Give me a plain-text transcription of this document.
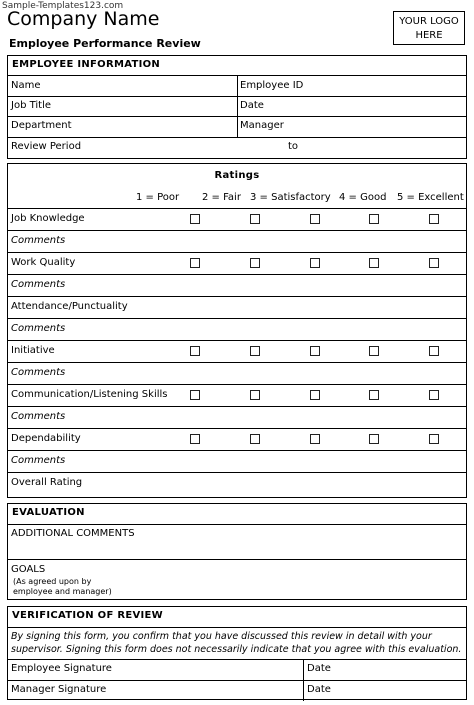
Sample-Templates123.com
Company Name
Employee Performance Review
YOUR LOGO
HERE
EMPLOYEE INFORMATION
Name	Employee ID
Job Title	Date
Department	Manager
Review Period	to
Ratings
1 = Poor 2 = Fair 3 = Satisfactory 4 = Good 5 = Excellent
Job Knowledge
Comments
Work Quality
Comments
Attendance/Punctuality
Comments
Initiative
Comments
Communication/Listening Skills
Comments
Dependability
Comments
Overall Rating
EVALUATION
ADDITIONAL COMMENTS
GOALS
(As agreed upon by
employee and manager)
VERIFICATION OF REVIEW
By signing this form, you confirm that you have discussed this review in detail with your
supervisor. Signing this form does not necessarily indicate that you agree with this evaluation.
Employee Signature	Date
Manager Signature	Date
